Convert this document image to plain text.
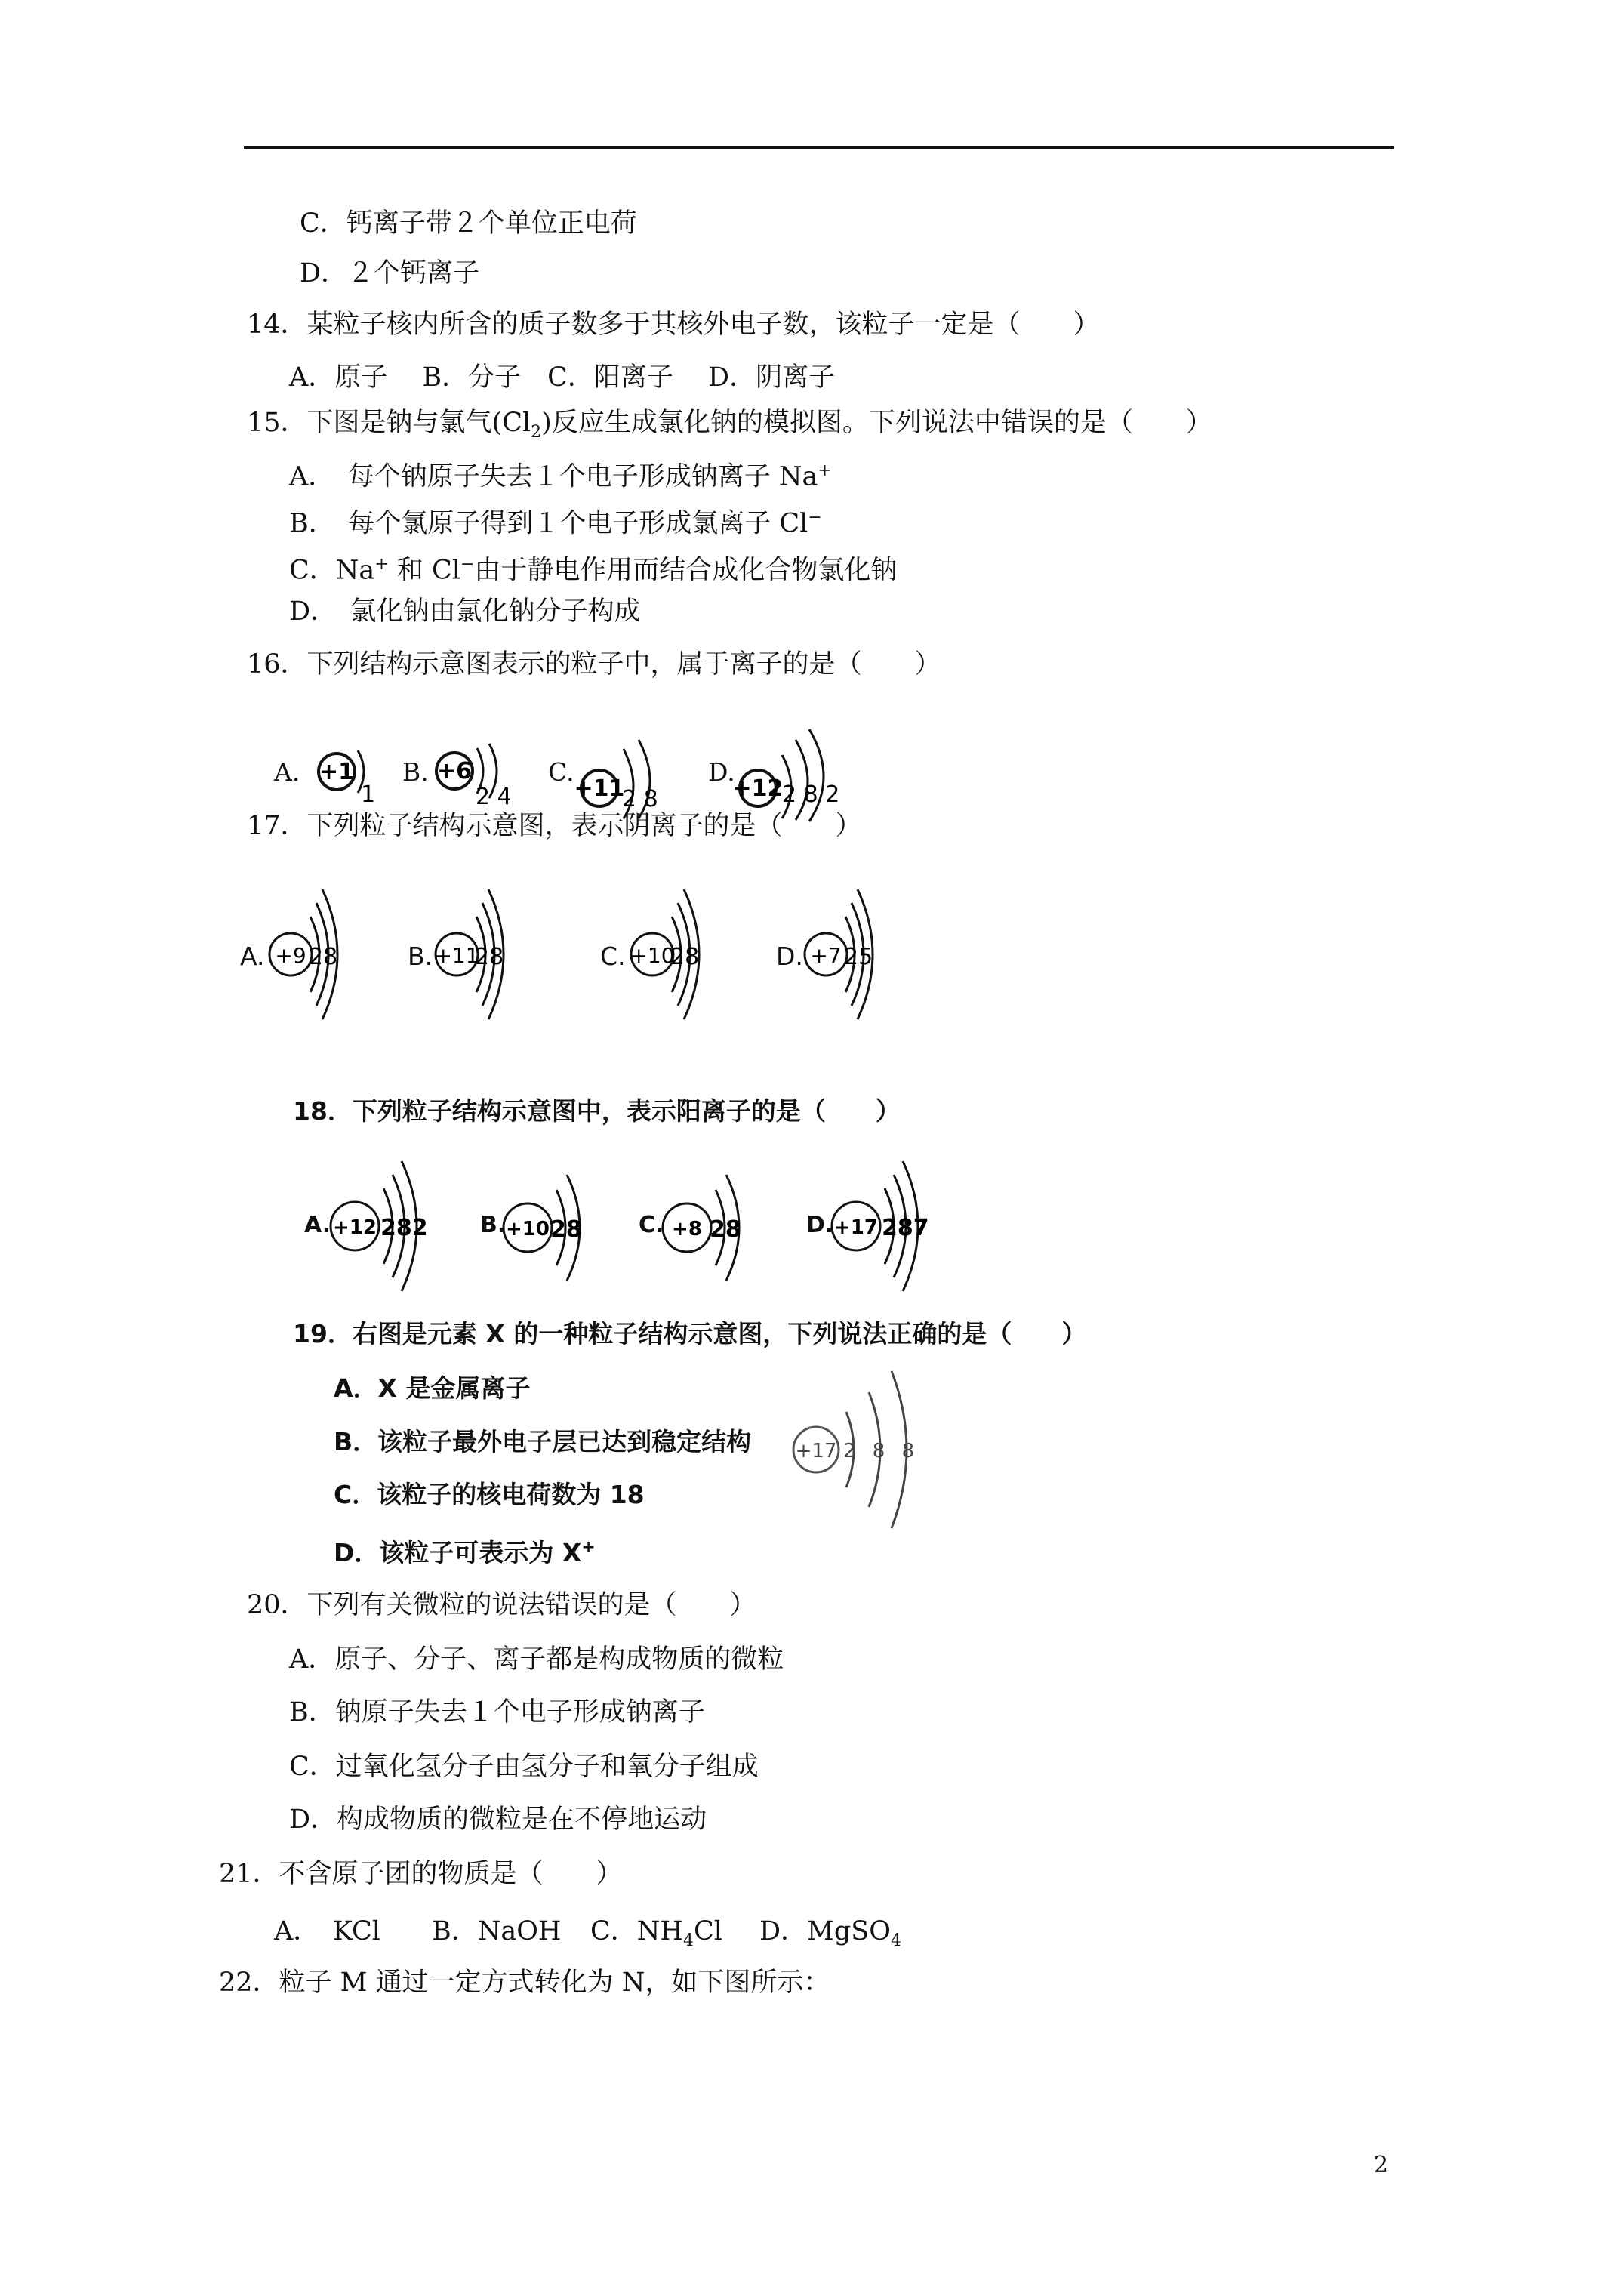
C．钙离子带２个单位正电荷
D．２个钙离子
14．某粒子核内所含的质子数多于其核外电子数，该粒子一定是（　　）
A．原子　 B．分子　C．阳离子　 D．阴离子
15．下图是钠与氯气$(Cl_2)$反应生成氯化钠的模拟图。下列说法中错误的是（　　）
A．　每个钠原子失去１个电子形成钠离子 Na+
B．　每个氯原子得到１个电子形成氯离子 Cl−
C．Na+ 和 Cl−由于静电作用而结合成化合物氯化钠
D．　氯化钠由氯化钠分子构成
16．下列结构示意图表示的粒子中，属于离子的是（　　）
A. +1
1
B. +6
2 4
C.
+11
2 8
D.
+12
2 8 2
17．下列粒子结构示意图，表示阴离子的是（　　）
A. +9 28	B. +11
28	C. +10
28	D. +7 25
18．下列粒子结构示意图中，表示阳离子的是（　　）
A. +12 282 B. +10 28	C. +8 28	D. +17 287
19．右图是元素 X 的一种粒子结构示意图，下列说法正确的是（　　）
A．X 是金属离子
B．该粒子最外电子层已达到稳定结构
C．该粒子的核电荷数为 18
D．该粒子可表示为 X+
+17 2 8 8
20．下列有关微粒的说法错误的是（　　）
A．原子、分子、离子都是构成物质的微粒
B．钠原子失去１个电子形成钠离子
C．过氧化氢分子由氢分子和氧分子组成
D．构成物质的微粒是在不停地运动
21．不含原子团的物质是（　　）
A．　KCl B．NaOH C．$NH_4Cl$ D．MgSO$_4$
22．粒子 M 通过一定方式转化为 N，如下图所示：
2
